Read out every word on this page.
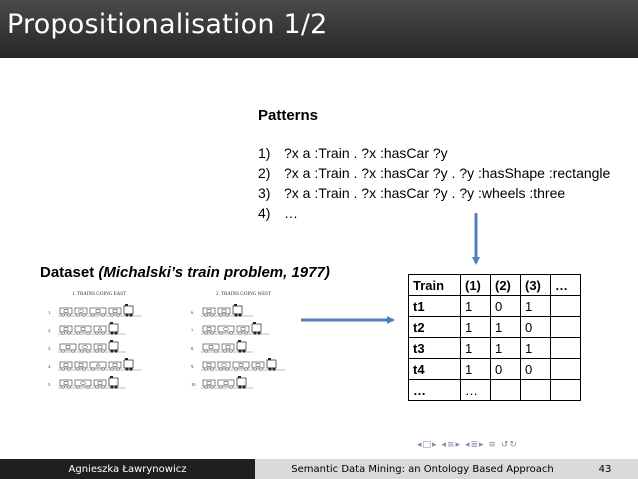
Propositionalisation 1/2
Patterns
1) ?x a :Train . ?x :hasCar ?y
2) ?x a :Train . ?x :hasCar ?y . ?y :hasShape :rectangle
3) ?x a :Train . ?x :hasCar ?y . ?y :wheels :three
4) …
Dataset (Michalski’s train problem, 1977)
1. TRAINS GOING EAST	2. TRAINS GOING WEST
1.
2.
3.
4.
5.
6.
7.
8.
9.
10.
Train	(1)	(2)	(3)	…
t1	1	0	1	
t2	1	1	0	
t3	1	1	1	
t4	1	0	0	
…	…			
◂□▸ ◂≡▸ ◂≣▸ ≡ ↺↻
Agnieszka Ławrynowicz	Semantic Data Mining: an Ontology Based Approach	43
